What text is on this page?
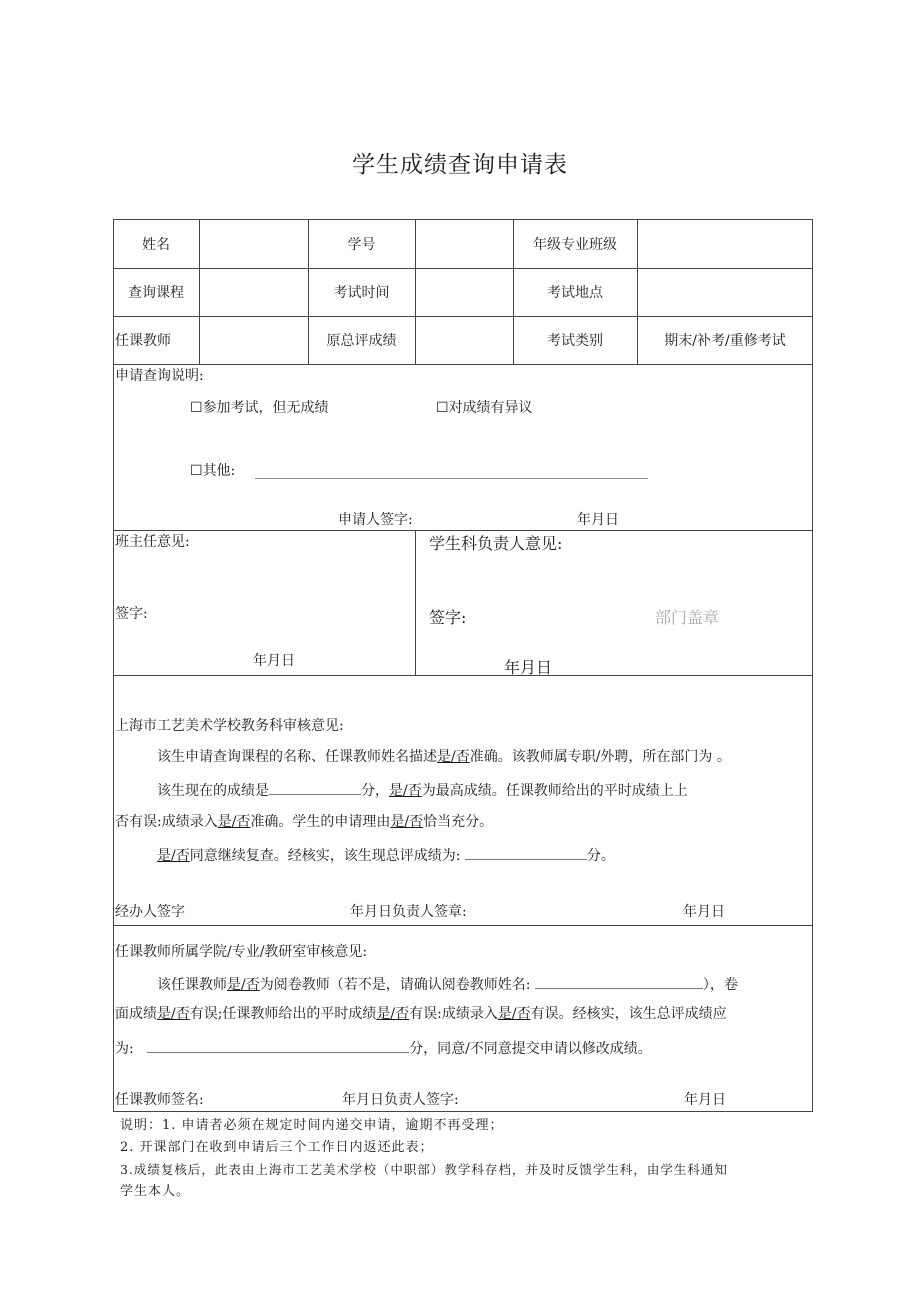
学生成绩查询申请表
姓名	学号	年级专业班级
查询课程	考试时间	考试地点
任课教师	原总评成绩	考试类别	期末/补考/重修考试
申请查询说明:
☐参加考试，但无成绩	☐对成绩有异议
☐其他:
申请人签字:	年月日
班主任意见:
签字:
年月日
学生科负责人意见:
签字:	部门盖章
年月日
上海市工艺美术学校教务科审核意见:
该生申请查询课程的名称、任课教师姓名描述是/否准确。该教师属专职/外聘，所在部门为 。
该生现在的成绩是	分，是/否为最高成绩。任课教师给出的平时成绩上上
否有误:成绩录入是/否准确。学生的申请理由是/否恰当充分。
是/否同意继续复查。经核实，该生现总评成绩为:	分。
经办人签字	年月日负责人签章:	年月日
任课教师所属学院/专业/教研室审核意见:
该任课教师是/否为阅卷教师（若不是，请确认阅卷教师姓名:	），卷
面成绩是/否有误;任课教师给出的平时成绩是/否有误:成绩录入是/否有误。经核实，该生总评成绩应
为:	分，同意/不同意提交申请以修改成绩。
任课教师签名:	年月日负责人签字:	年月日
说明：1. 申请者必须在规定时间内递交申请，逾期不再受理；
2. 开课部门在收到申请后三个工作日内返还此表；
3.成绩复核后，此表由上海市工艺美术学校（中职部）教学科存档，并及时反馈学生科，由学生科通知
学生本人。
